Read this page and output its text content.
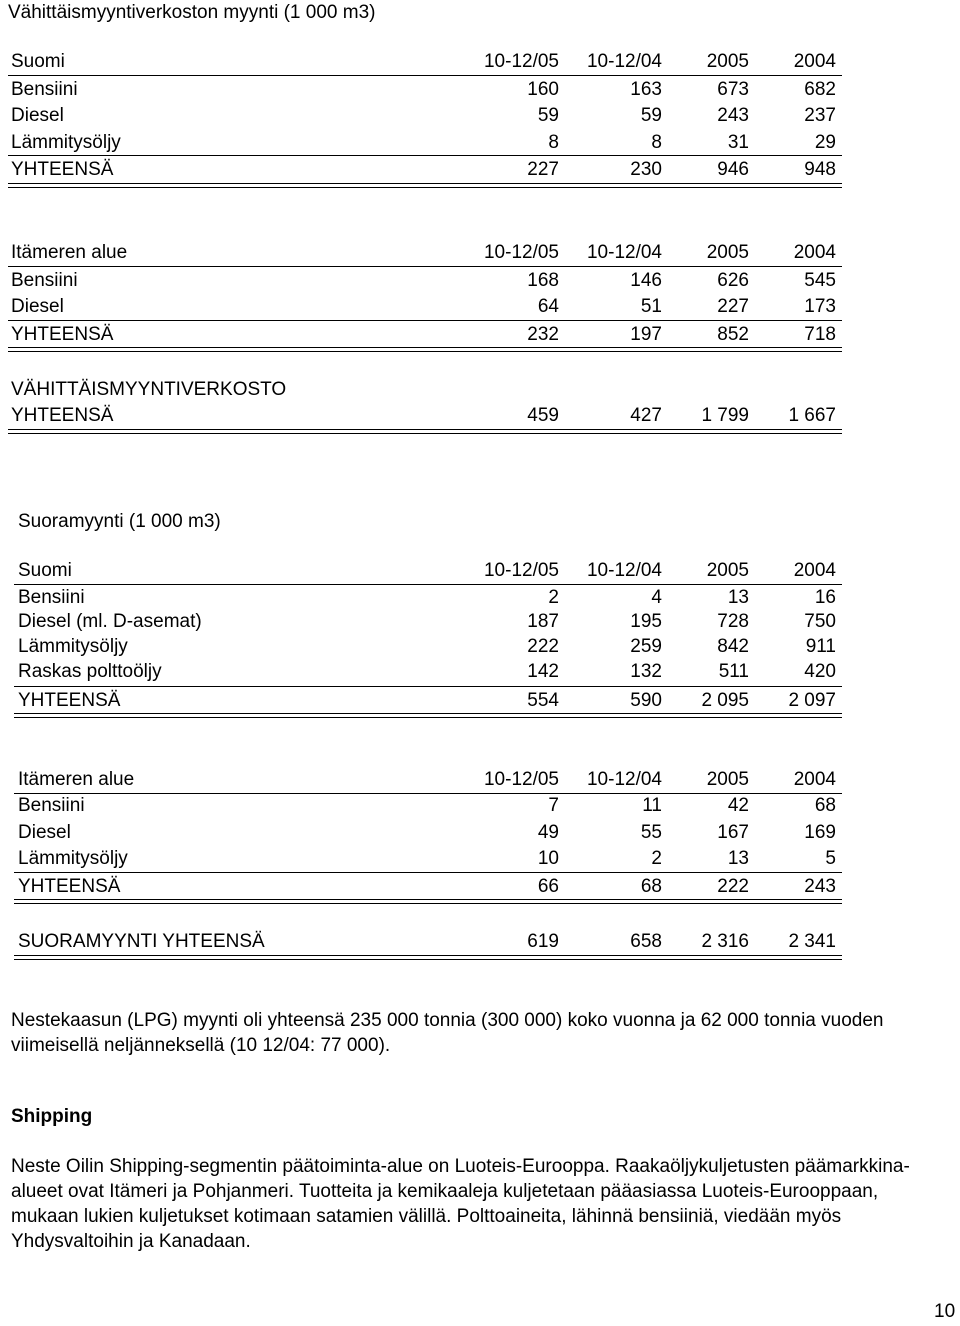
Vähittäismyyntiverkoston myynti (1 000 m3)
Suomi	10-12/05	10-12/04	2005	2004
Bensiini	160	163	673	682
Diesel	59	59	243	237
Lämmitysöljy	8	8	31	29
YHTEENSÄ	227	230	946	948
Itämeren alue	10-12/05	10-12/04	2005	2004
Bensiini	168	146	626	545
Diesel	64	51	227	173
YHTEENSÄ	232	197	852	718
VÄHITTÄISMYYNTIVERKOSTO
YHTEENSÄ	459	427	1 799	1 667
Suoramyynti (1 000 m3)
Suomi	10-12/05	10-12/04	2005	2004
Bensiini	2	4	13	16
Diesel (ml. D-asemat)	187	195	728	750
Lämmitysöljy	222	259	842	911
Raskas polttoöljy	142	132	511	420
YHTEENSÄ	554	590	2 095	2 097
Itämeren alue	10-12/05	10-12/04	2005	2004
Bensiini	7	11	42	68
Diesel	49	55	167	169
Lämmitysöljy	10	2	13	5
YHTEENSÄ	66	68	222	243
SUORAMYYNTI YHTEENSÄ	619	658	2 316	2 341
Nestekaasun (LPG) myynti oli yhteensä 235 000 tonnia (300 000) koko vuonna ja 62 000 tonnia vuoden viimeisellä neljänneksellä (10 12/04: 77 000).
Shipping
Neste Oilin Shipping-segmentin päätoiminta-alue on Luoteis-Eurooppa. Raakaöljykuljetusten päämarkkina-alueet ovat Itämeri ja Pohjanmeri. Tuotteita ja kemikaaleja kuljetetaan pääasiassa Luoteis-Eurooppaan, mukaan lukien kuljetukset kotimaan satamien välillä. Polttoaineita, lähinnä bensiiniä, viedään myös Yhdysvaltoihin ja Kanadaan.
10
